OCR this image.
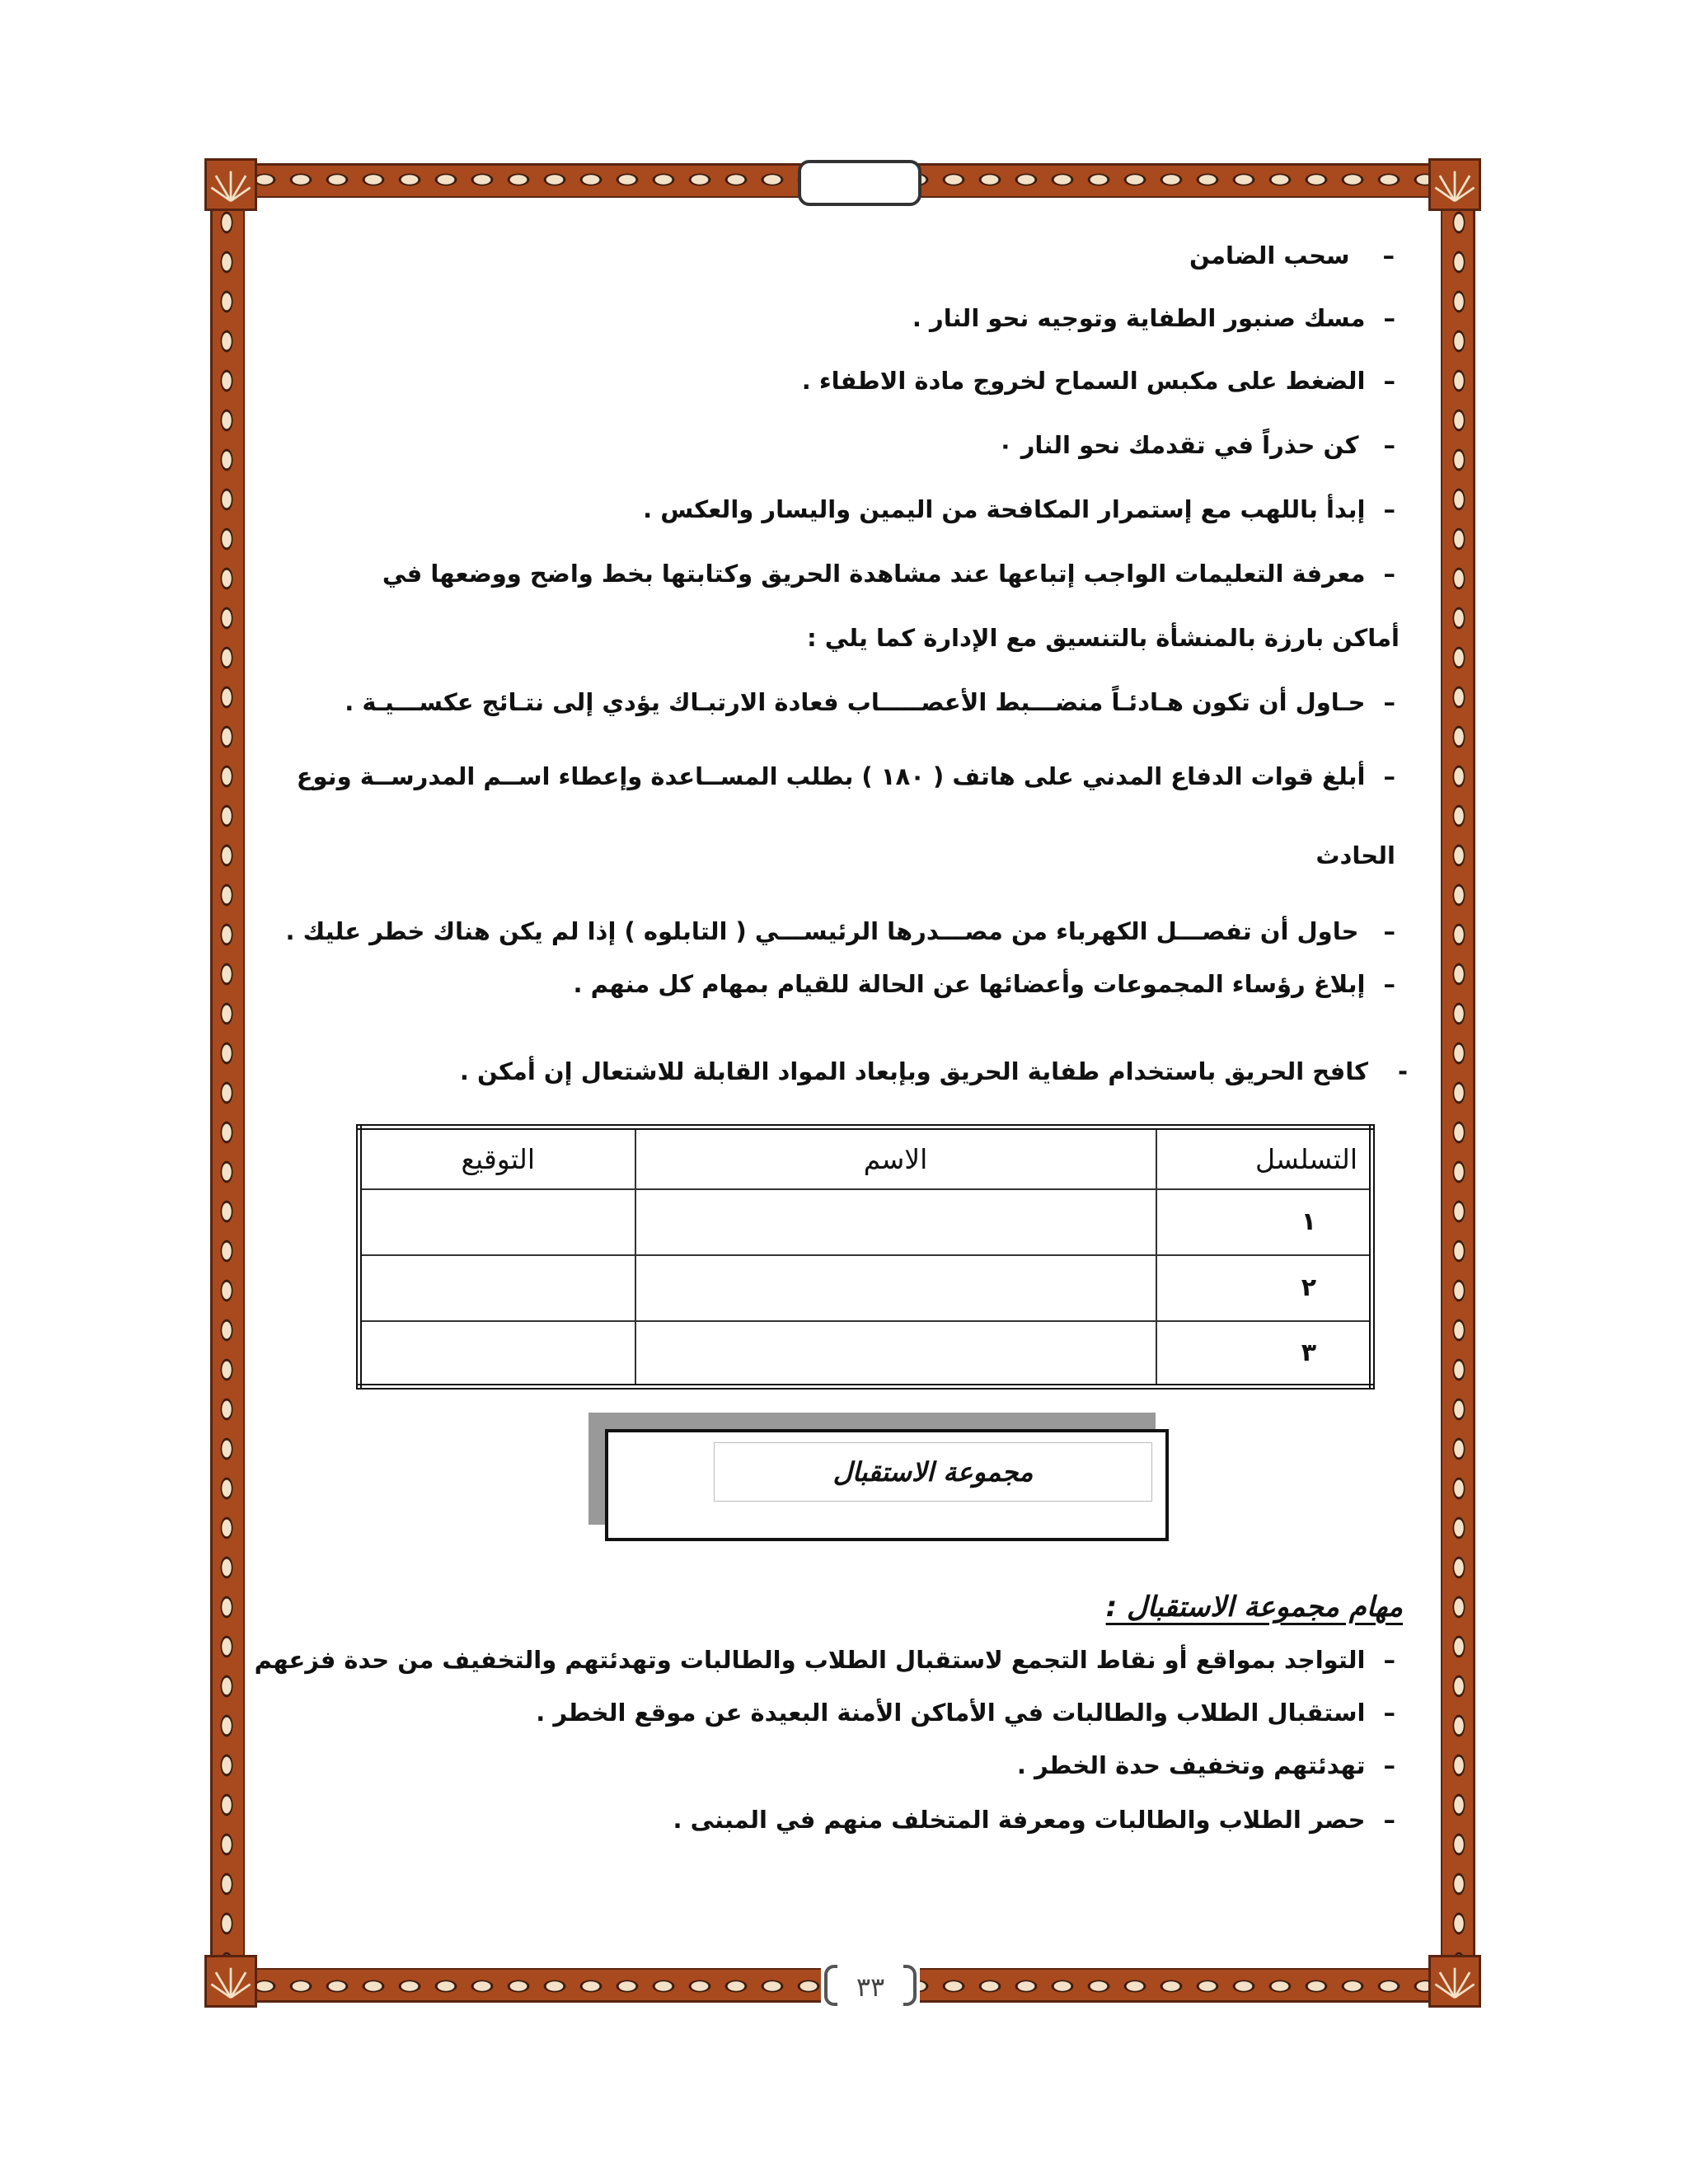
–سحب الضامن
–مسك صنبور الطفاية وتوجيه نحو النار .
–الضغط على مكبس السماح لخروج مادة الاطفاء .
–كن حذراً في تقدمك نحو النار ٠
–إبدأ باللهب مع إستمرار المكافحة من اليمين واليسار والعكس .
–معرفة التعليمات الواجب إتباعها عند مشاهدة الحريق وكتابتها بخط واضح ووضعها في
أماكن بارزة بالمنشأة بالتنسيق مع الإدارة كما يلي :
–حـاول أن تكون هـادئـاً منضـــبط الأعصـــــاب فعادة الارتبـاك يؤدي إلى نتـائج عكســـيـة .
–أبلغ قوات الدفاع المدني على هاتف ( ١٨٠ ) بطلب المســاعدة وإعطاء اســم المدرســة ونوع
الحادث
–حاول أن تفصـــل الكهرباء من مصـــدرها الرئيســـي ( التابلوه ) إذا لم يكن هناك خطر عليك .
–إبلاغ رؤساء المجموعات وأعضائها عن الحالة للقيام بمهام كل منهم .
-كافح الحريق باستخدام طفاية الحريق وبإبعاد المواد القابلة للاشتعال إن أمكن .
التسلسل	الاسم	التوقيع
١		
٢		
٣		
مجموعة الاستقبال
مهام مجموعة الاستقبال :
–التواجد بمواقع أو نقاط التجمع لاستقبال الطلاب والطالبات وتهدئتهم والتخفيف من حدة فزعهم
–استقبال الطلاب والطالبات في الأماكن الأمنة البعيدة عن موقع الخطر .
–تهدئتهم وتخفيف حدة الخطر .
–حصر الطلاب والطالبات ومعرفة المتخلف منهم في المبنى .
٣٣
